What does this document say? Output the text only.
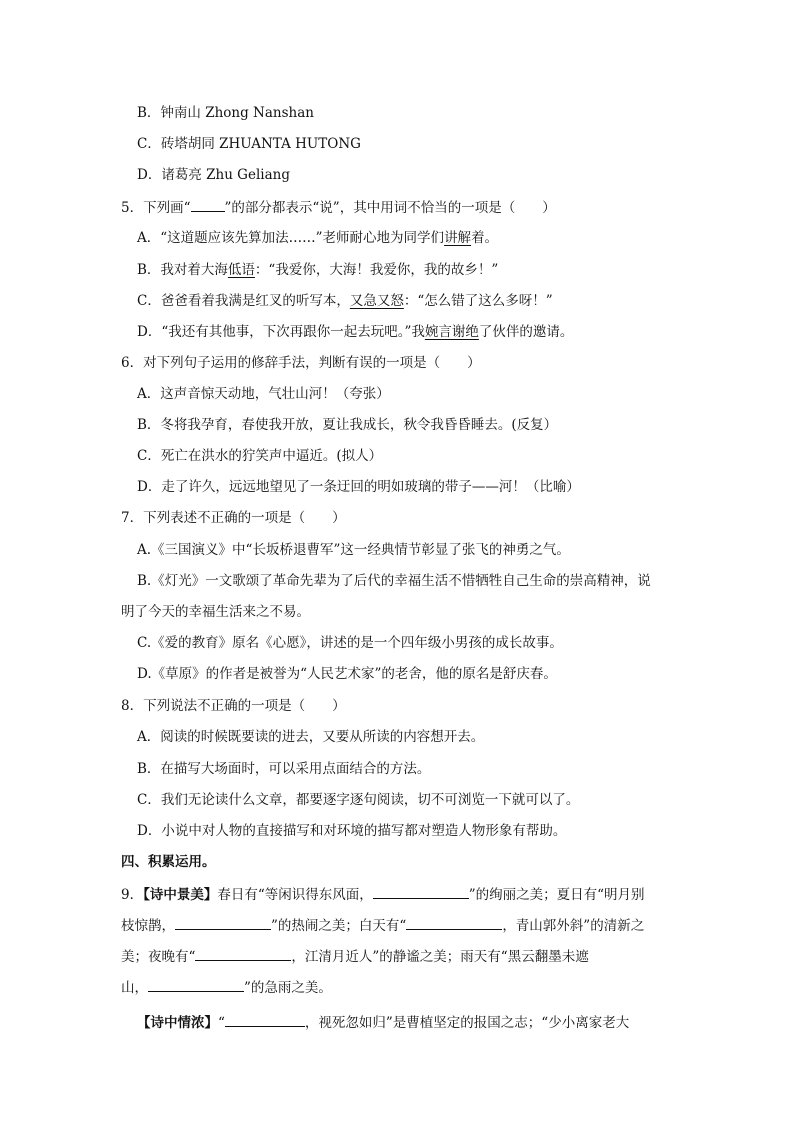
B．钟南山 Zhong Nanshan
C．砖塔胡同 ZHUANTA HUTONG
D．诸葛亮 Zhu Geliang
5．下列画“	”的部分都表示“说”，其中用词不恰当的一项是（　　）
A．“这道题应该先算加法……”老师耐心地为同学们讲解着。
B．我对着大海低语：“我爱你，大海！我爱你，我的故乡！”
C．爸爸看着我满是红叉的听写本，又急又怒：“怎么错了这么多呀！”
D．“我还有其他事，下次再跟你一起去玩吧。”我婉言谢绝了伙伴的邀请。
6．对下列句子运用的修辞手法，判断有误的一项是（　　）
A．这声音惊天动地，气壮山河！（夸张）
B．冬将我孕育，春使我开放，夏让我成长，秋令我昏昏睡去。(反复）
C．死亡在洪水的狞笑声中逼近。(拟人）
D．走了许久，远远地望见了一条迂回的明如玻璃的带子——河！（比喻）
7．下列表述不正确的一项是（　　）
A.《三国演义》中“长坂桥退曹军”这一经典情节彰显了张飞的神勇之气。
B.《灯光》一文歌颂了革命先辈为了后代的幸福生活不惜牺牲自己生命的崇高精神，说
明了今天的幸福生活来之不易。
C.《爱的教育》原名《心愿》，讲述的是一个四年级小男孩的成长故事。
D.《草原》的作者是被誉为“人民艺术家”的老舍，他的原名是舒庆春。
8．下列说法不正确的一项是（　　）
A．阅读的时候既要读的进去，又要从所读的内容想开去。
B．在描写大场面时，可以采用点面结合的方法。
C．我们无论读什么文章，都要逐字逐句阅读，切不可浏览一下就可以了。
D．小说中对人物的直接描写和对环境的描写都对塑造人物形象有帮助。
四、积累运用。
9．【诗中景美】春日有“等闲识得东风面，	”的绚丽之美；夏日有“明月别
枝惊鹊，	”的热闹之美；白天有“	，青山郭外斜”的清新之
美；夜晚有“	，江清月近人”的静谧之美；雨天有“黑云翻墨未遮
山，	”的急雨之美。
【诗中情浓】“	，视死忽如归”是曹植坚定的报国之志；“少小离家老大
